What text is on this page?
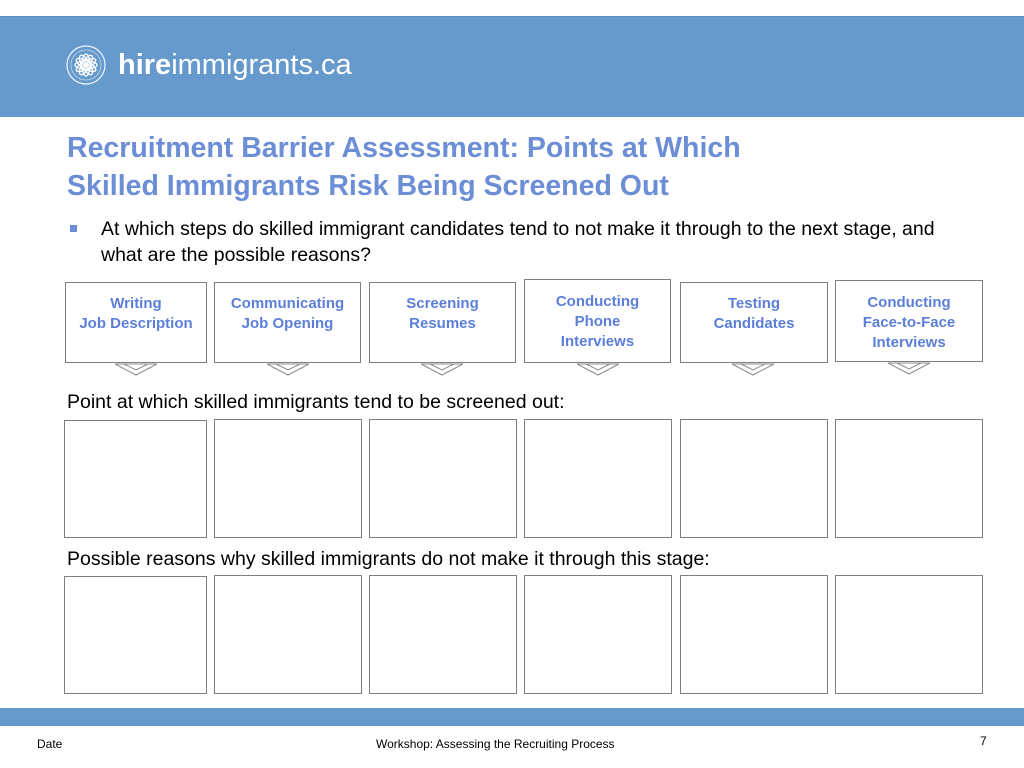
hireimmigrants.ca
Recruitment Barrier Assessment: Points at Which
Skilled Immigrants Risk Being Screened Out
At which steps do skilled immigrant candidates tend to not make it through to the next stage, and what are the possible reasons?
Writing
Job Description
Communicating
Job Opening
Screening
Resumes
Conducting
Phone
Interviews
Testing
Candidates
Conducting
Face-to-Face
Interviews
Point at which skilled immigrants tend to be screened out:
Possible reasons why skilled immigrants do not make it through this stage:
Date	Workshop: Assessing the Recruiting Process	7
